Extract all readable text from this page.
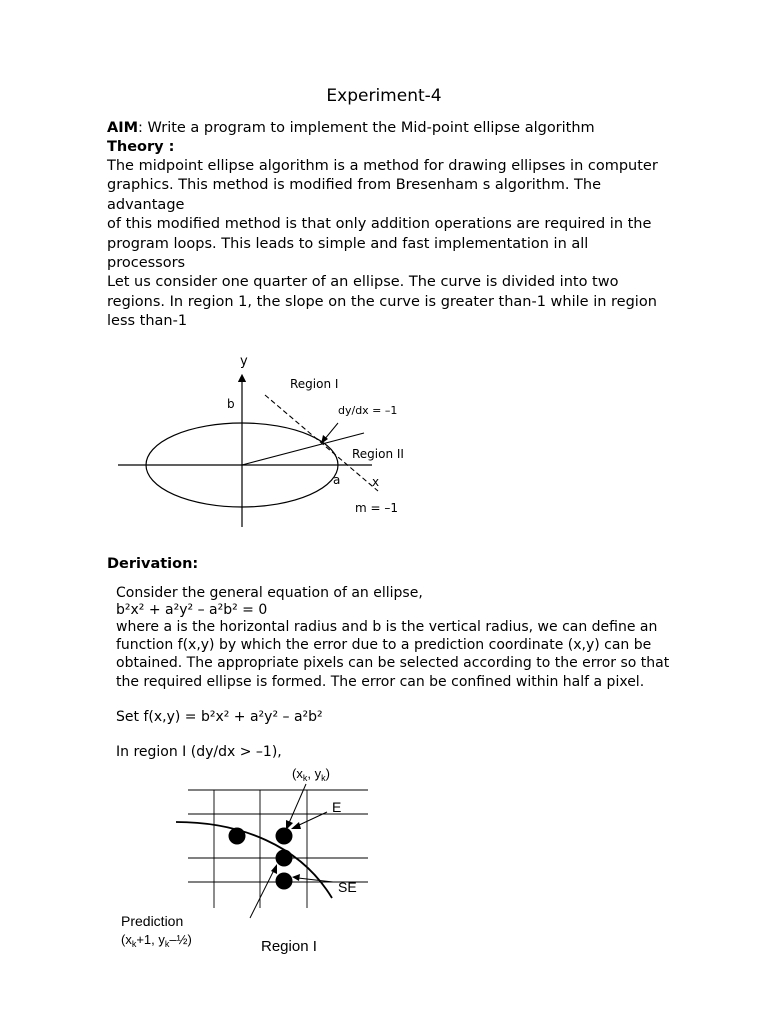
Experiment-4
AIM: Write a program to implement the Mid-point ellipse algorithm
Theory :
The midpoint ellipse algorithm is a method for drawing ellipses in computer
graphics. This method is modified from Bresenham s algorithm. The
advantage
of this modified method is that only addition operations are required in the
program loops. This leads to simple and fast implementation in all
processors
Let us consider one quarter of an ellipse. The curve is divided into two
regions. In region 1, the slope on the curve is greater than-1 while in region
less than-1
y
b
Region I
dy/dx = –1
Region II
a	x
m = –1
Derivation:
Consider the general equation of an ellipse,
b²x² + a²y² – a²b² = 0
where a is the horizontal radius and b is the vertical radius, we can define an
function f(x,y) by which the error due to a prediction coordinate (x,y) can be
obtained. The appropriate pixels can be selected according to the error so that
the required ellipse is formed. The error can be confined within half a pixel.
Set f(x,y) = b²x² + a²y² – a²b²
In region I (dy/dx > –1),
($x_k$, $y_k$)
E
SE
Prediction
($x_k+1$, $y_k-\frac{1}{2}$)	Region I
